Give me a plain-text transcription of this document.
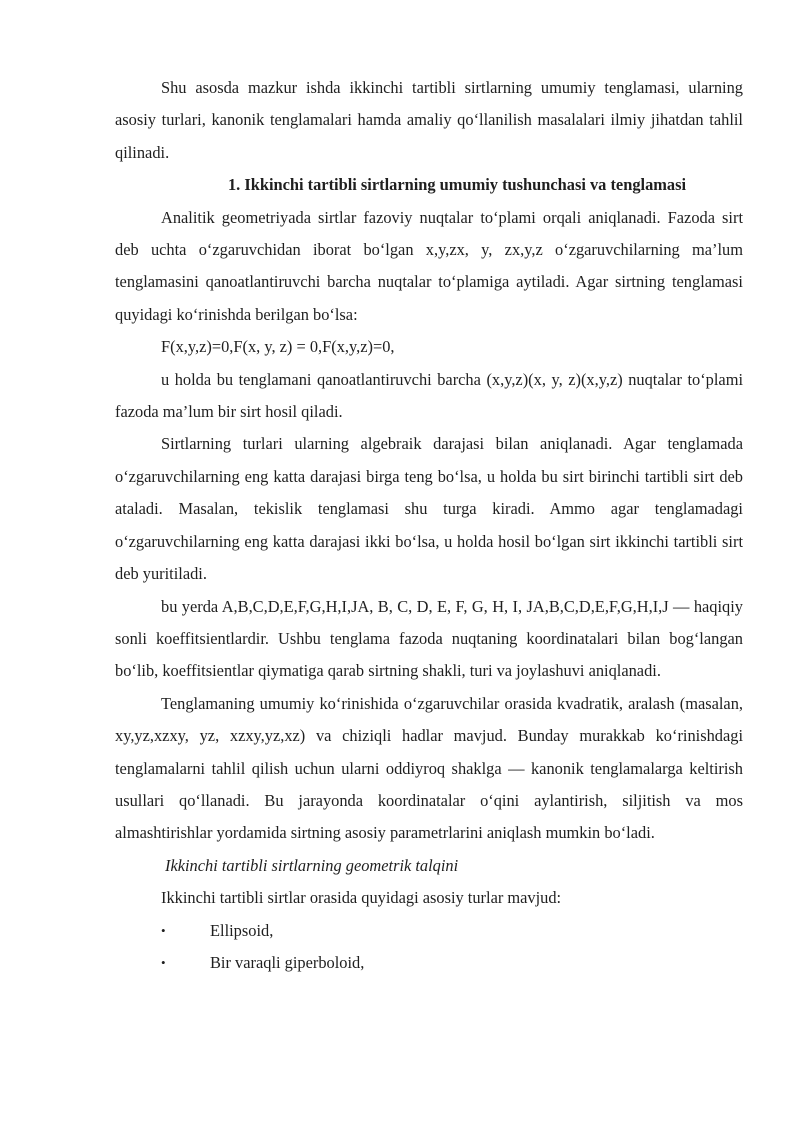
Shu asosda mazkur ishda ikkinchi tartibli sirtlarning umumiy tenglamasi, ularning asosiy turlari, kanonik tenglamalari hamda amaliy qo‘llanilish masalalari ilmiy jihatdan tahlil qilinadi.

1. Ikkinchi tartibli sirtlarning umumiy tushunchasi va tenglamasi

Analitik geometriyada sirtlar fazoviy nuqtalar to‘plami orqali aniqlanadi. Fazoda sirt deb uchta o‘zgaruvchidan iborat bo‘lgan x,y,zx, y, zx,y,z o‘zgaruvchilarning ma’lum tenglamasini qanoatlantiruvchi barcha nuqtalar to‘plamiga aytiladi. Agar sirtning tenglamasi quyidagi ko‘rinishda berilgan bo‘lsa:

F(x,y,z)=0,F(x, y, z) = 0,F(x,y,z)=0,

u holda bu tenglamani qanoatlantiruvchi barcha (x,y,z)(x, y, z)(x,y,z) nuqtalar to‘plami fazoda ma’lum bir sirt hosil qiladi.

Sirtlarning turlari ularning algebraik darajasi bilan aniqlanadi. Agar tenglamada o‘zgaruvchilarning eng katta darajasi birga teng bo‘lsa, u holda bu sirt birinchi tartibli sirt deb ataladi. Masalan, tekislik tenglamasi shu turga kiradi. Ammo agar tenglamadagi o‘zgaruvchilarning eng katta darajasi ikki bo‘lsa, u holda hosil bo‘lgan sirt ikkinchi tartibli sirt deb yuritiladi.

bu yerda A,B,C,D,E,F,G,H,I,JA, B, C, D, E, F, G, H, I, JA,B,C,D,E,F,G,H,I,J — haqiqiy sonli koeffitsientlardir. Ushbu tenglama fazoda nuqtaning koordinatalari bilan bog‘langan bo‘lib, koeffitsientlar qiymatiga qarab sirtning shakli, turi va joylashuvi aniqlanadi.

Tenglamaning umumiy ko‘rinishida o‘zgaruvchilar orasida kvadratik, aralash (masalan, xy,yz,xzxy, yz, xzxy,yz,xz) va chiziqli hadlar mavjud. Bunday murakkab ko‘rinishdagi tenglamalarni tahlil qilish uchun ularni oddiyroq shaklga — kanonik tenglamalarga keltirish usullari qo‘llanadi. Bu jarayonda koordinatalar o‘qini aylantirish, siljitish va mos almashtirishlar yordamida sirtning asosiy parametrlarini aniqlash mumkin bo‘ladi.

Ikkinchi tartibli sirtlarning geometrik talqini

Ikkinchi tartibli sirtlar orasida quyidagi asosiy turlar mavjud:

•	Ellipsoid,
•	Bir varaqli giperboloid,
